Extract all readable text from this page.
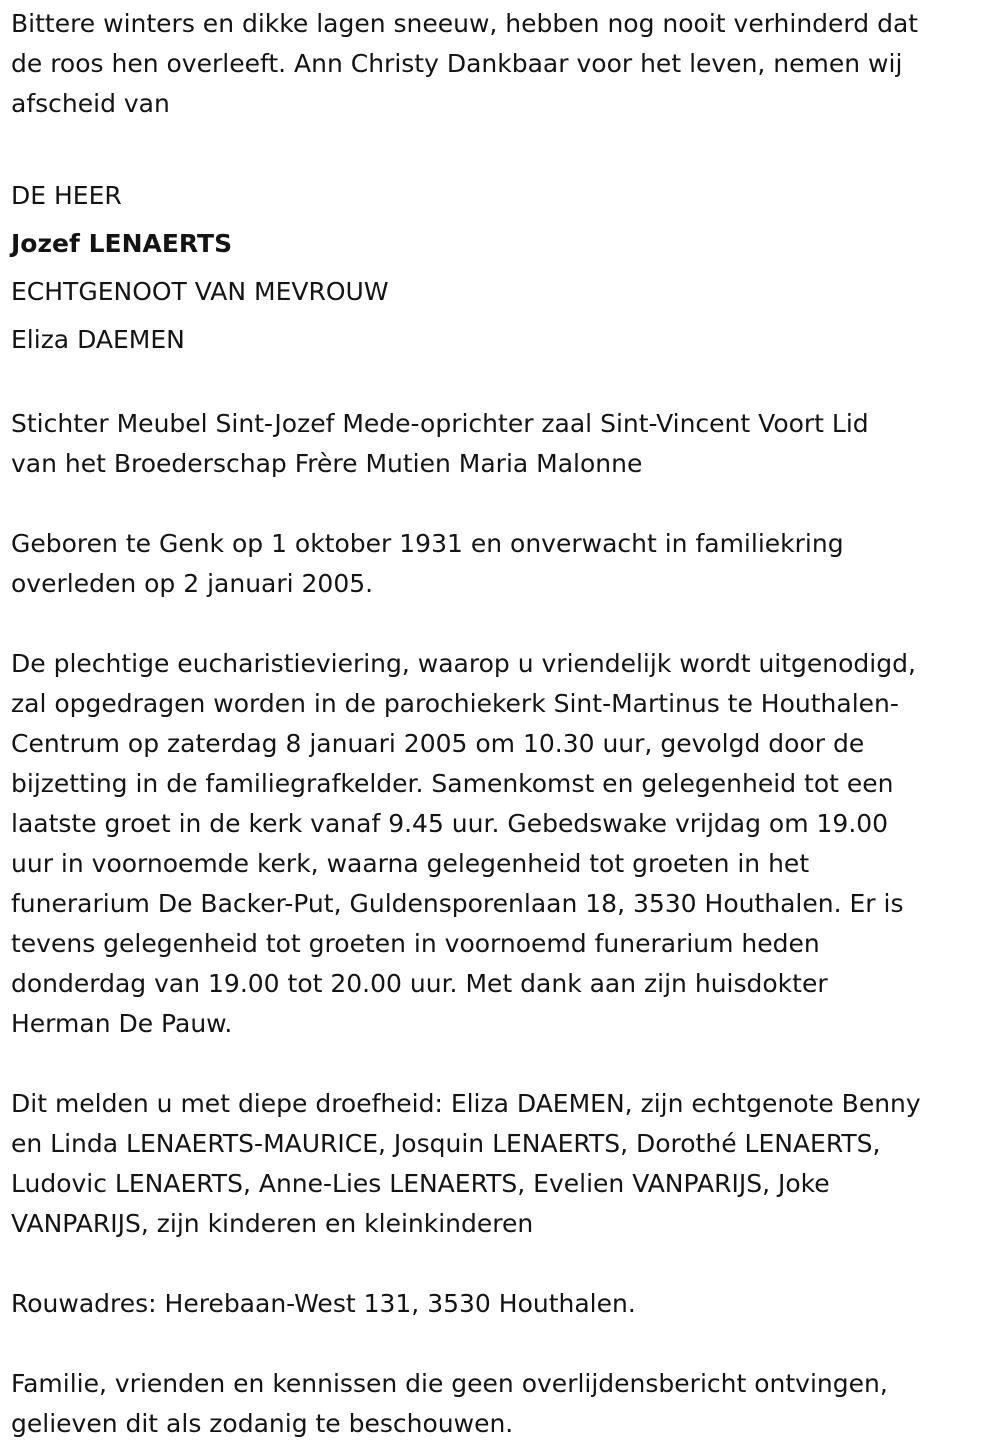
Bittere winters en dikke lagen sneeuw, hebben nog nooit verhinderd dat
de roos hen overleeft. Ann Christy Dankbaar voor het leven, nemen wij
afscheid van

DE HEER

Jozef LENAERTS

ECHTGENOOT VAN MEVROUW

Eliza DAEMEN

Stichter Meubel Sint-Jozef Mede-oprichter zaal Sint-Vincent Voort Lid
van het Broederschap Frère Mutien Maria Malonne

Geboren te Genk op 1 oktober 1931 en onverwacht in familiekring
overleden op 2 januari 2005.

De plechtige eucharistieviering, waarop u vriendelijk wordt uitgenodigd,
zal opgedragen worden in de parochiekerk Sint-Martinus te Houthalen-
Centrum op zaterdag 8 januari 2005 om 10.30 uur, gevolgd door de
bijzetting in de familiegrafkelder. Samenkomst en gelegenheid tot een
laatste groet in de kerk vanaf 9.45 uur. Gebedswake vrijdag om 19.00
uur in voornoemde kerk, waarna gelegenheid tot groeten in het
funerarium De Backer-Put, Guldensporenlaan 18, 3530 Houthalen. Er is
tevens gelegenheid tot groeten in voornoemd funerarium heden
donderdag van 19.00 tot 20.00 uur. Met dank aan zijn huisdokter
Herman De Pauw.

Dit melden u met diepe droefheid: Eliza DAEMEN, zijn echtgenote Benny
en Linda LENAERTS-MAURICE, Josquin LENAERTS, Dorothé LENAERTS,
Ludovic LENAERTS, Anne-Lies LENAERTS, Evelien VANPARIJS, Joke
VANPARIJS, zijn kinderen en kleinkinderen

Rouwadres: Herebaan-West 131, 3530 Houthalen.

Familie, vrienden en kennissen die geen overlijdensbericht ontvingen,
gelieven dit als zodanig te beschouwen.
